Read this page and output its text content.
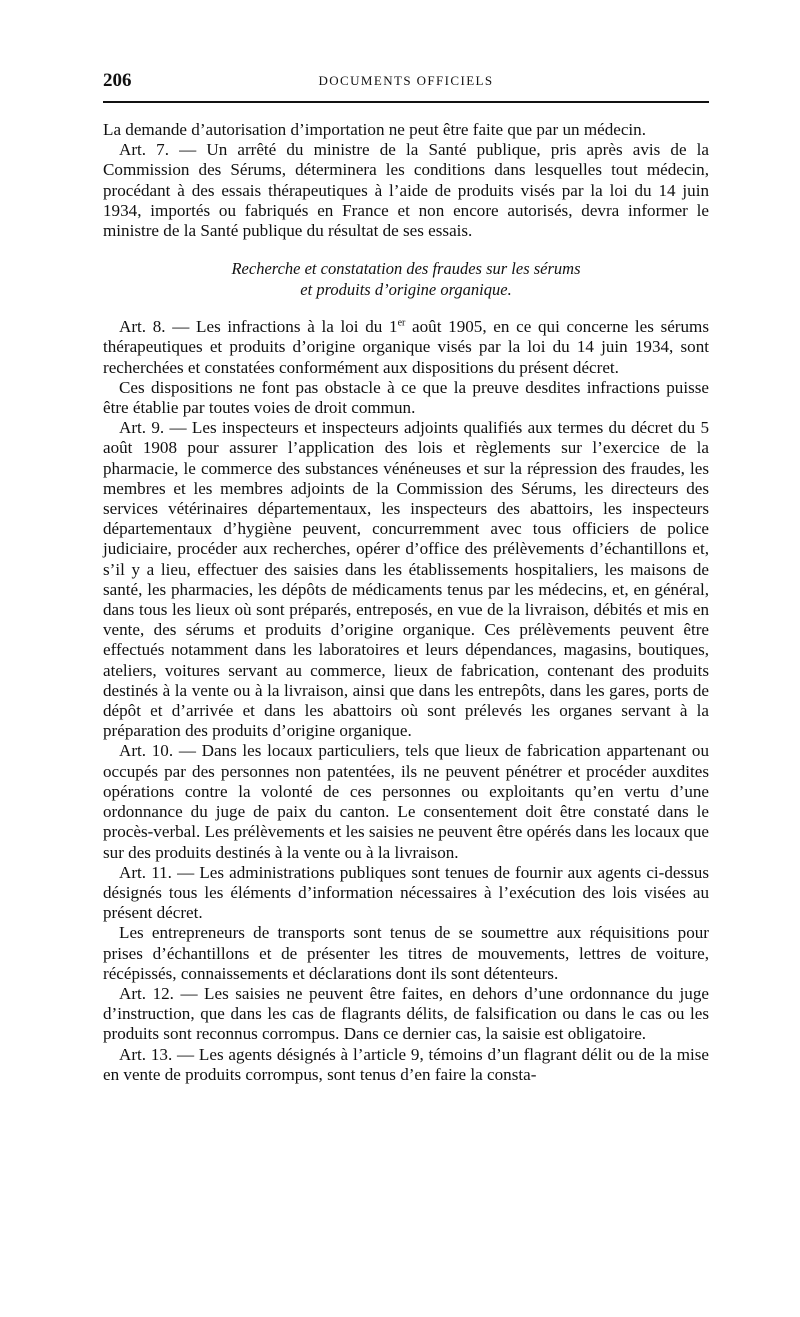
206	DOCUMENTS OFFICIELS

La demande d’autorisation d’importation ne peut être faite que par un médecin.

Art. 7. — Un arrêté du ministre de la Santé publique, pris après avis de la Commission des Sérums, déterminera les conditions dans lesquelles tout médecin, procédant à des essais thérapeutiques à l’aide de produits visés par la loi du 14 juin 1934, importés ou fabriqués en France et non encore autorisés, devra informer le ministre de la Santé publique du résultat de ses essais.

Recherche et constatation des fraudes sur les sérums
et produits d’origine organique.

Art. 8. — Les infractions à la loi du 1er août 1905, en ce qui concerne les sérums thérapeutiques et produits d’origine organique visés par la loi du 14 juin 1934, sont recherchées et constatées conformément aux dispositions du présent décret.

Ces dispositions ne font pas obstacle à ce que la preuve desdites infractions puisse être établie par toutes voies de droit commun.

Art. 9. — Les inspecteurs et inspecteurs adjoints qualifiés aux termes du décret du 5 août 1908 pour assurer l’application des lois et règlements sur l’exercice de la pharmacie, le commerce des substances vénéneuses et sur la répression des fraudes, les membres et les membres adjoints de la Commission des Sérums, les directeurs des services vétérinaires départementaux, les inspecteurs des abattoirs, les inspecteurs départementaux d’hygiène peuvent, concurremment avec tous officiers de police judiciaire, procéder aux recherches, opérer d’office des prélèvements d’échantillons et, s’il y a lieu, effectuer des saisies dans les établissements hospitaliers, les maisons de santé, les pharmacies, les dépôts de médicaments tenus par les médecins, et, en général, dans tous les lieux où sont préparés, entreposés, en vue de la livraison, débités et mis en vente, des sérums et produits d’origine organique. Ces prélèvements peuvent être effectués notamment dans les laboratoires et leurs dépendances, magasins, boutiques, ateliers, voitures servant au commerce, lieux de fabrication, contenant des produits destinés à la vente ou à la livraison, ainsi que dans les entrepôts, dans les gares, ports de dépôt et d’arrivée et dans les abattoirs où sont prélevés les organes servant à la préparation des produits d’origine organique.

Art. 10. — Dans les locaux particuliers, tels que lieux de fabrication appartenant ou occupés par des personnes non patentées, ils ne peuvent pénétrer et procéder auxdites opérations contre la volonté de ces personnes ou exploitants qu’en vertu d’une ordonnance du juge de paix du canton. Le consentement doit être constaté dans le procès-verbal. Les prélèvements et les saisies ne peuvent être opérés dans les locaux que sur des produits destinés à la vente ou à la livraison.

Art. 11. — Les administrations publiques sont tenues de fournir aux agents ci-dessus désignés tous les éléments d’information nécessaires à l’exécution des lois visées au présent décret.

Les entrepreneurs de transports sont tenus de se soumettre aux réquisitions pour prises d’échantillons et de présenter les titres de mouvements, lettres de voiture, récépissés, connaissements et déclarations dont ils sont détenteurs.

Art. 12. — Les saisies ne peuvent être faites, en dehors d’une ordonnance du juge d’instruction, que dans les cas de flagrants délits, de falsification ou dans le cas ou les produits sont reconnus corrompus. Dans ce dernier cas, la saisie est obligatoire.

Art. 13. — Les agents désignés à l’article 9, témoins d’un flagrant délit ou de la mise en vente de produits corrompus, sont tenus d’en faire la consta-
